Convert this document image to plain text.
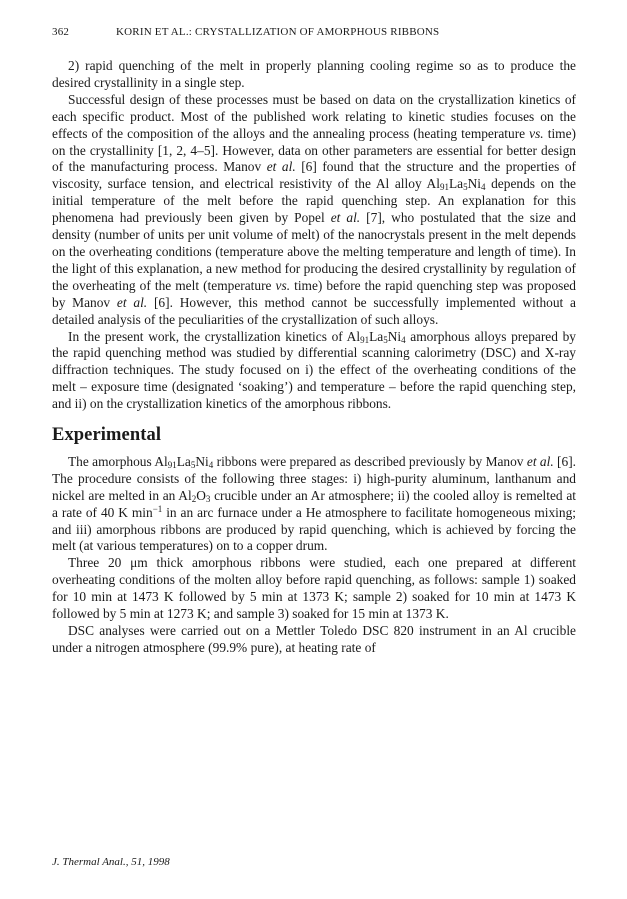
362	KORIN ET AL.: CRYSTALLIZATION OF AMORPHOUS RIBBONS

2) rapid quenching of the melt in properly planning cooling regime so as to produce the desired crystallinity in a single step.

Successful design of these processes must be based on data on the crystallization kinetics of each specific product. Most of the published work relating to kinetic studies focuses on the effects of the composition of the alloys and the annealing process (heating temperature vs. time) on the crystallinity [1, 2, 4–5]. However, data on other parameters are essential for better design of the manufacturing process. Manov et al. [6] found that the structure and the properties of viscosity, surface tension, and electrical resistivity of the Al alloy $Al_{91}La_5Ni_4$ depends on the initial temperature of the melt before the rapid quenching step. An explanation for this phenomena had previously been given by Popel et al. [7], who postulated that the size and density (number of units per unit volume of melt) of the nanocrystals present in the melt depends on the overheating conditions (temperature above the melting temperature and length of time). In the light of this explanation, a new method for producing the desired crystallinity by regulation of the overheating of the melt (temperature vs. time) before the rapid quenching step was proposed by Manov et al. [6]. However, this method cannot be successfully implemented without a detailed analysis of the peculiarities of the crystallization of such alloys.

In the present work, the crystallization kinetics of $Al_{91}La_5Ni_4$ amorphous alloys prepared by the rapid quenching method was studied by differential scanning calorimetry (DSC) and X-ray diffraction techniques. The study focused on i) the effect of the overheating conditions of the melt – exposure time (designated ‘soaking’) and temperature – before the rapid quenching step, and ii) on the crystallization kinetics of the amorphous ribbons.

Experimental

The amorphous $Al_{91}La_5Ni_4$ ribbons were prepared as described previously by Manov et al. [6]. The procedure consists of the following three stages: i) high-purity aluminum, lanthanum and nickel are melted in an $Al_2O_3$ crucible under an Ar atmosphere; ii) the cooled alloy is remelted at a rate of 40 K $\min^{-1}$ in an arc furnace under a He atmosphere to facilitate homogeneous mixing; and iii) amorphous ribbons are produced by rapid quenching, which is achieved by forcing the melt (at various temperatures) on to a copper drum.

Three 20 μm thick amorphous ribbons were studied, each one prepared at different overheating conditions of the molten alloy before rapid quenching, as follows: sample 1) soaked for 10 min at 1473 K followed by 5 min at 1373 K; sample 2) soaked for 10 min at 1473 K followed by 5 min at 1273 K; and sample 3) soaked for 15 min at 1373 K.

DSC analyses were carried out on a Mettler Toledo DSC 820 instrument in an Al crucible under a nitrogen atmosphere (99.9% pure), at heating rate of

J. Thermal Anal., 51, 1998
